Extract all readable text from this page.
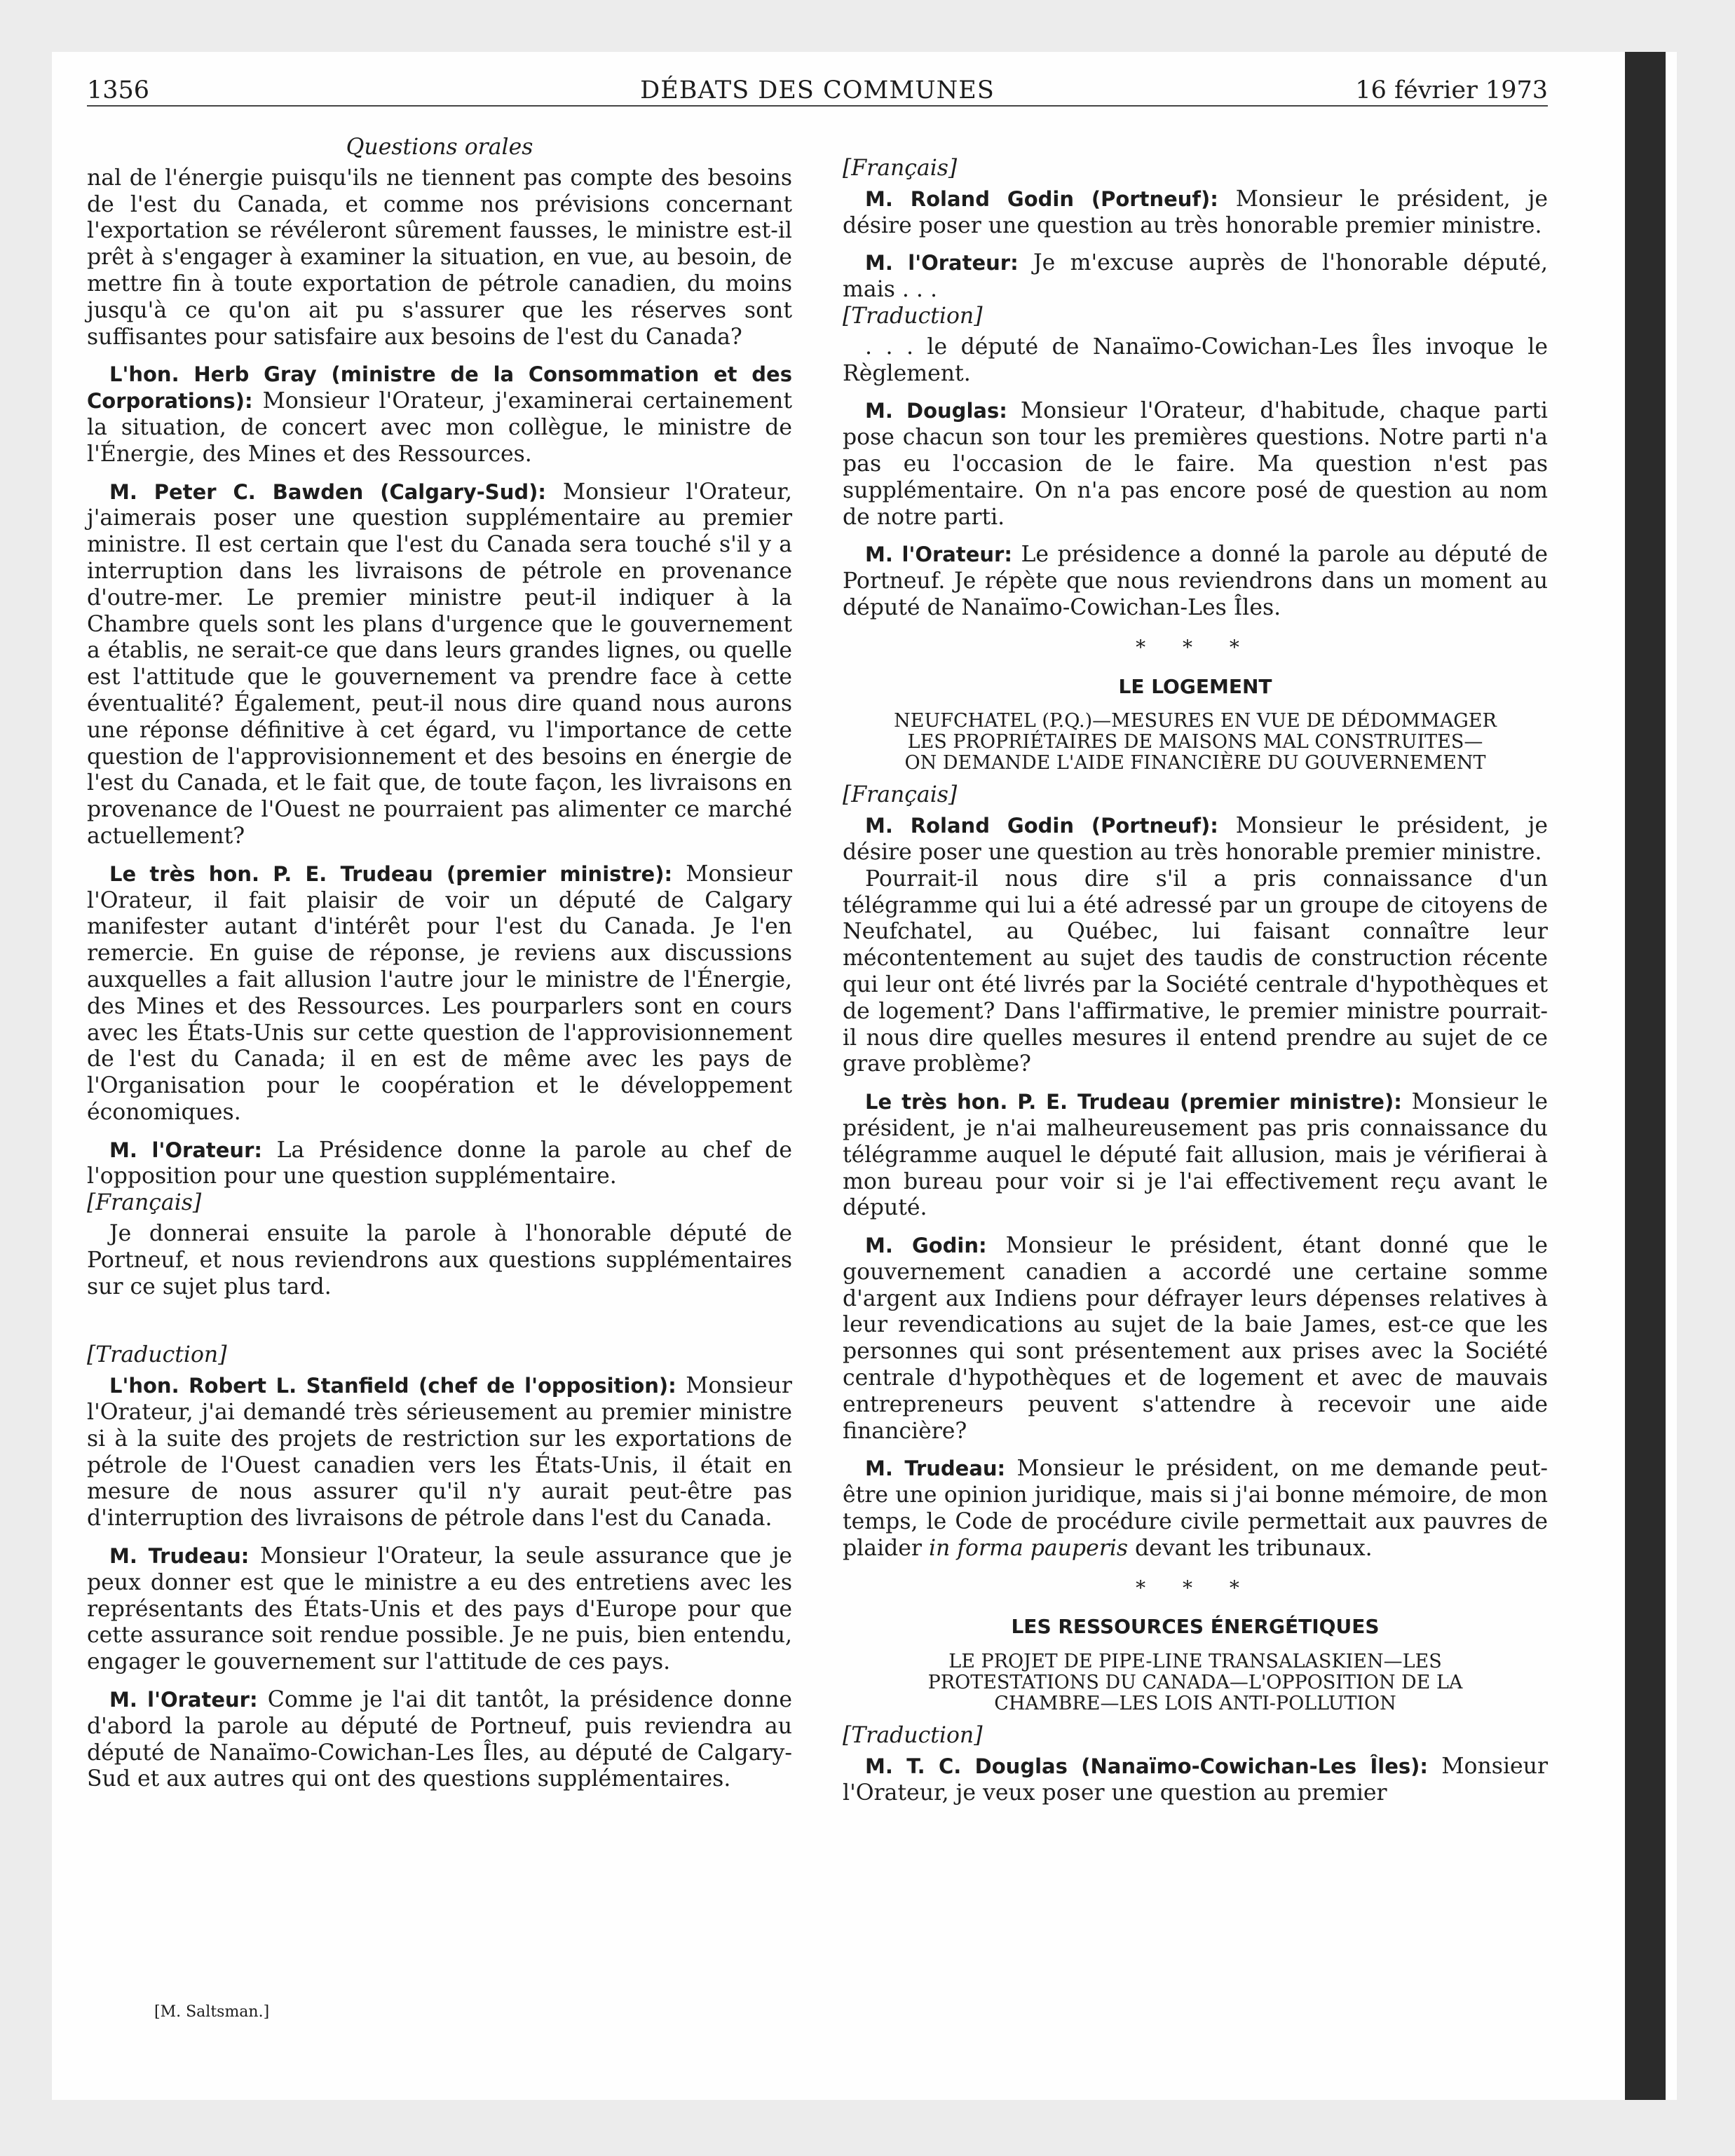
1356	DÉBATS DES COMMUNES	16 février 1973
Questions orales

nal de l'énergie puisqu'ils ne tiennent pas compte des besoins de l'est du Canada, et comme nos prévisions concernant l'exportation se révéleront sûrement fausses, le ministre est-il prêt à s'engager à examiner la situation, en vue, au besoin, de mettre fin à toute exportation de pétrole canadien, du moins jusqu'à ce qu'on ait pu s'assurer que les réserves sont suffisantes pour satisfaire aux besoins de l'est du Canada?

L'hon. Herb Gray (ministre de la Consommation et des Corporations): Monsieur l'Orateur, j'examinerai certainement la situation, de concert avec mon collègue, le ministre de l'Énergie, des Mines et des Ressources.

M. Peter C. Bawden (Calgary-Sud): Monsieur l'Orateur, j'aimerais poser une question supplémentaire au premier ministre. Il est certain que l'est du Canada sera touché s'il y a interruption dans les livraisons de pétrole en provenance d'outre-mer. Le premier ministre peut-il indiquer à la Chambre quels sont les plans d'urgence que le gouvernement a établis, ne serait-ce que dans leurs grandes lignes, ou quelle est l'attitude que le gouvernement va prendre face à cette éventualité? Également, peut-il nous dire quand nous aurons une réponse définitive à cet égard, vu l'importance de cette question de l'approvisionnement et des besoins en énergie de l'est du Canada, et le fait que, de toute façon, les livraisons en provenance de l'Ouest ne pourraient pas alimenter ce marché actuellement?

Le très hon. P. E. Trudeau (premier ministre): Monsieur l'Orateur, il fait plaisir de voir un député de Calgary manifester autant d'intérêt pour l'est du Canada. Je l'en remercie. En guise de réponse, je reviens aux discussions auxquelles a fait allusion l'autre jour le ministre de l'Énergie, des Mines et des Ressources. Les pourparlers sont en cours avec les États-Unis sur cette question de l'approvisionnement de l'est du Canada; il en est de même avec les pays de l'Organisation pour le coopération et le développement économiques.

M. l'Orateur: La Présidence donne la parole au chef de l'opposition pour une question supplémentaire.

[Français]

Je donnerai ensuite la parole à l'honorable député de Portneuf, et nous reviendrons aux questions supplémentaires sur ce sujet plus tard.

[Traduction]

L'hon. Robert L. Stanfield (chef de l'opposition): Monsieur l'Orateur, j'ai demandé très sérieusement au premier ministre si à la suite des projets de restriction sur les exportations de pétrole de l'Ouest canadien vers les États-Unis, il était en mesure de nous assurer qu'il n'y aurait peut-être pas d'interruption des livraisons de pétrole dans l'est du Canada.

M. Trudeau: Monsieur l'Orateur, la seule assurance que je peux donner est que le ministre a eu des entretiens avec les représentants des États-Unis et des pays d'Europe pour que cette assurance soit rendue possible. Je ne puis, bien entendu, engager le gouvernement sur l'attitude de ces pays.

M. l'Orateur: Comme je l'ai dit tantôt, la présidence donne d'abord la parole au député de Portneuf, puis reviendra au député de Nanaïmo-Cowichan-Les Îles, au député de Calgary-Sud et aux autres qui ont des questions supplémentaires.

[M. Saltsman.]
[Français]

M. Roland Godin (Portneuf): Monsieur le président, je désire poser une question au très honorable premier ministre.

M. l'Orateur: Je m'excuse auprès de l'honorable député, mais . . .

[Traduction]

. . . le député de Nanaïmo-Cowichan-Les Îles invoque le Règlement.

M. Douglas: Monsieur l'Orateur, d'habitude, chaque parti pose chacun son tour les premières questions. Notre parti n'a pas eu l'occasion de le faire. Ma question n'est pas supplémentaire. On n'a pas encore posé de question au nom de notre parti.

M. l'Orateur: Le présidence a donné la parole au député de Portneuf. Je répète que nous reviendrons dans un moment au député de Nanaïmo-Cowichan-Les Îles.

* * *
LE LOGEMENT
NEUFCHATEL (P.Q.)—MESURES EN VUE DE DÉDOMMAGER
LES PROPRIÉTAIRES DE MAISONS MAL CONSTRUITES—
ON DEMANDE L'AIDE FINANCIÈRE DU GOUVERNEMENT
[Français]

M. Roland Godin (Portneuf): Monsieur le président, je désire poser une question au très honorable premier ministre.

Pourrait-il nous dire s'il a pris connaissance d'un télégramme qui lui a été adressé par un groupe de citoyens de Neufchatel, au Québec, lui faisant connaître leur mécontentement au sujet des taudis de construction récente qui leur ont été livrés par la Société centrale d'hypothèques et de logement? Dans l'affirmative, le premier ministre pourrait-il nous dire quelles mesures il entend prendre au sujet de ce grave problème?

Le très hon. P. E. Trudeau (premier ministre): Monsieur le président, je n'ai malheureusement pas pris connaissance du télégramme auquel le député fait allusion, mais je vérifierai à mon bureau pour voir si je l'ai effectivement reçu avant le député.

M. Godin: Monsieur le président, étant donné que le gouvernement canadien a accordé une certaine somme d'argent aux Indiens pour défrayer leurs dépenses relatives à leur revendications au sujet de la baie James, est-ce que les personnes qui sont présentement aux prises avec la Société centrale d'hypothèques et de logement et avec de mauvais entrepreneurs peuvent s'attendre à recevoir une aide financière?

M. Trudeau: Monsieur le président, on me demande peut-être une opinion juridique, mais si j'ai bonne mémoire, de mon temps, le Code de procédure civile permettait aux pauvres de plaider in forma pauperis devant les tribunaux.

* * *
LES RESSOURCES ÉNERGÉTIQUES
LE PROJET DE PIPE-LINE TRANSALASKIEN—LES
PROTESTATIONS DU CANADA—L'OPPOSITION DE LA
CHAMBRE—LES LOIS ANTI-POLLUTION
[Traduction]

M. T. C. Douglas (Nanaïmo-Cowichan-Les Îles): Monsieur l'Orateur, je veux poser une question au premier
